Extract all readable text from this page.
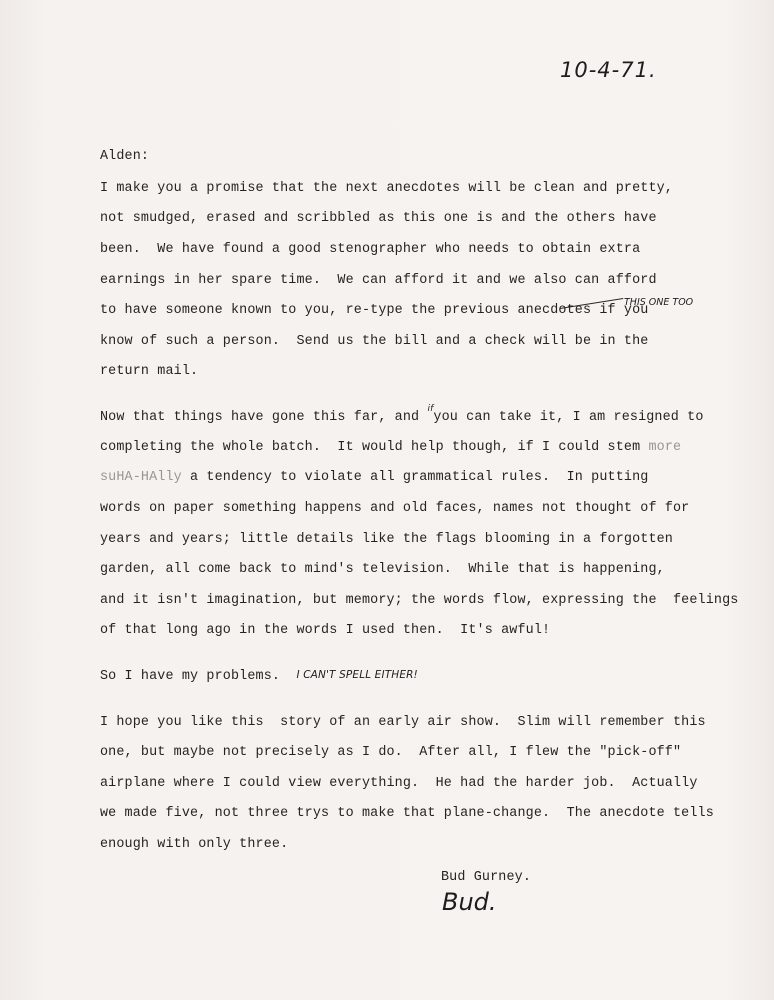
10-4-71.
Alden:
I make you a promise that the next anecdotes will be clean and pretty,
not smudged, erased and scribbled as this one is and the others have
been.  We have found a good stenographer who needs to obtain extra
earnings in her spare time.  We can afford it and we also can afford
to have someone known to you, re-type the previous anecdotes if you
THIS ONE TOO
know of such a person.  Send us the bill and a check will be in the
return mail.
Now that things have gone this far, and $^{if}$you can take it, I am resigned to
completing the whole batch.  It would help though, if I could stem more
suHA-HAlly a tendency to violate all grammatical rules.  In putting
words on paper something happens and old faces, names not thought of for
years and years; little details like the flags blooming in a forgotten
garden, all come back to mind's television.  While that is happening,
and it isn't imagination, but memory; the words flow, expressing the  feelings
of that long ago in the words I used then.  It's awful!
So I have my problems. I CAN'T SPELL EITHER!
I hope you like this  story of an early air show.  Slim will remember this
one, but maybe not precisely as I do.  After all, I flew the "pick-off"
airplane where I could view everything.  He had the harder job.  Actually
we made five, not three trys to make that plane-change.  The anecdote tells
enough with only three.
Bud Gurney.
Bud.
